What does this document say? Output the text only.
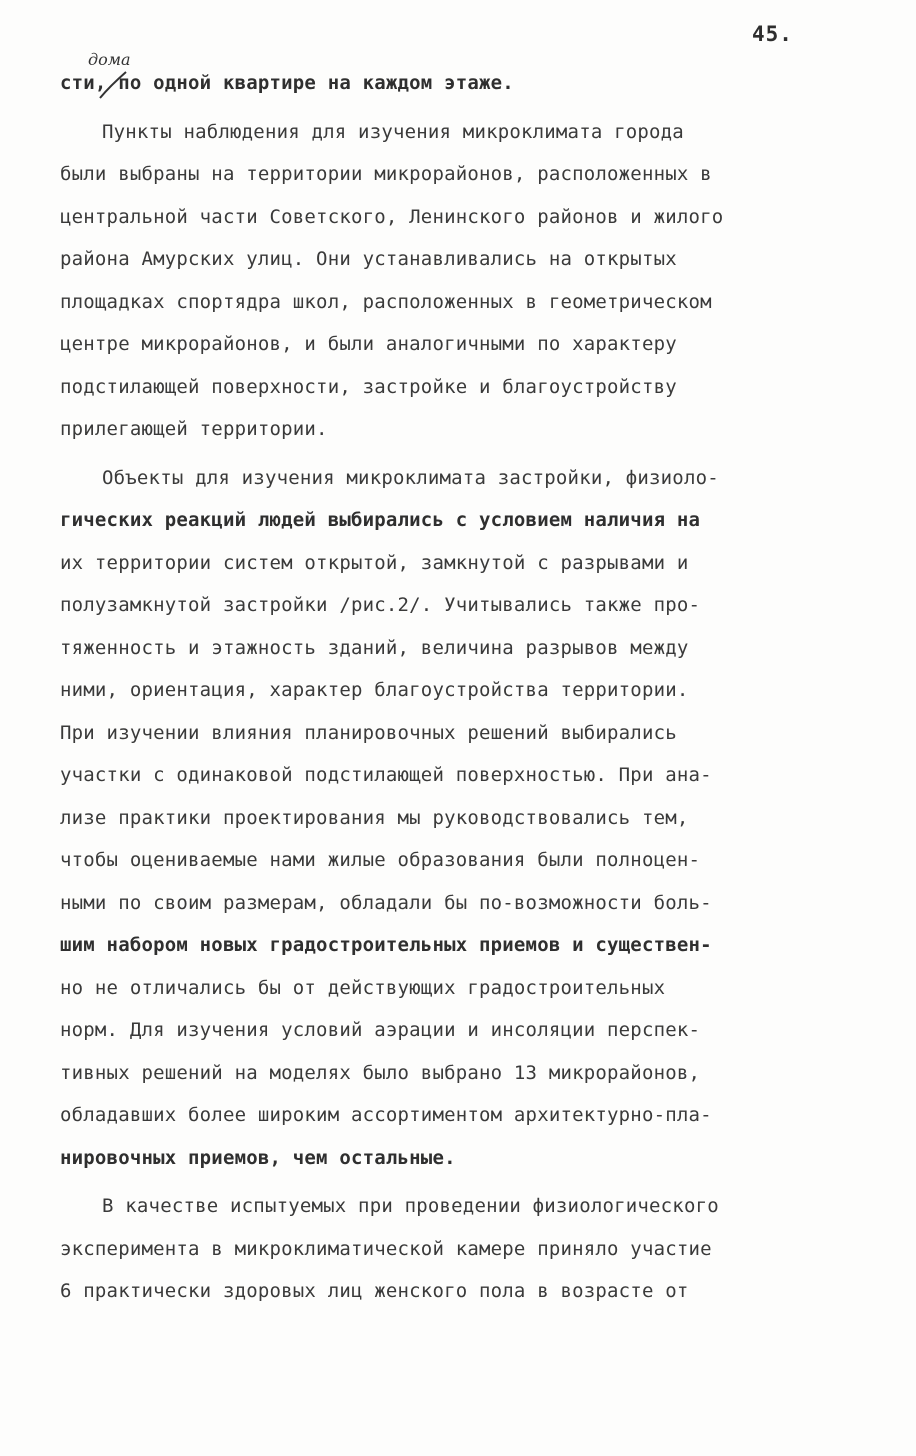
45.
дома
сти, по одной квартире на каждом этаже.
Пункты наблюдения для изучения микроклимата города
были выбраны на территории микрорайонов, расположенных в
центральной части Советского, Ленинского районов и жилого
района Амурских улиц. Они устанавливались на открытых
площадках спортядра школ, расположенных в геометрическом
центре микрорайонов, и были аналогичными по характеру
подстилающей поверхности, застройке и благоустройству
прилегающей территории.
Объекты для изучения микроклимата застройки, физиоло-
гических реакций людей выбирались с условием наличия на
их территории систем открытой, замкнутой с разрывами и
полузамкнутой застройки /рис.2/. Учитывались также про-
тяженность и этажность зданий, величина разрывов между
ними, ориентация, характер благоустройства территории.
При изучении влияния планировочных решений выбирались
участки с одинаковой подстилающей поверхностью. При ана-
лизе практики проектирования мы руководствовались тем,
чтобы оцениваемые нами жилые образования были полноцен-
ными по своим размерам, обладали бы по-возможности боль-
шим набором новых градостроительных приемов и существен-
но не отличались бы от действующих градостроительных
норм. Для изучения условий аэрации и инсоляции перспек-
тивных решений на моделях было выбрано 13 микрорайонов,
обладавших более широким ассортиментом архитектурно-пла-
нировочных приемов, чем остальные.
В качестве испытуемых при проведении физиологического
эксперимента в микроклиматической камере приняло участие
6 практически здоровых лиц женского пола в возрасте от
